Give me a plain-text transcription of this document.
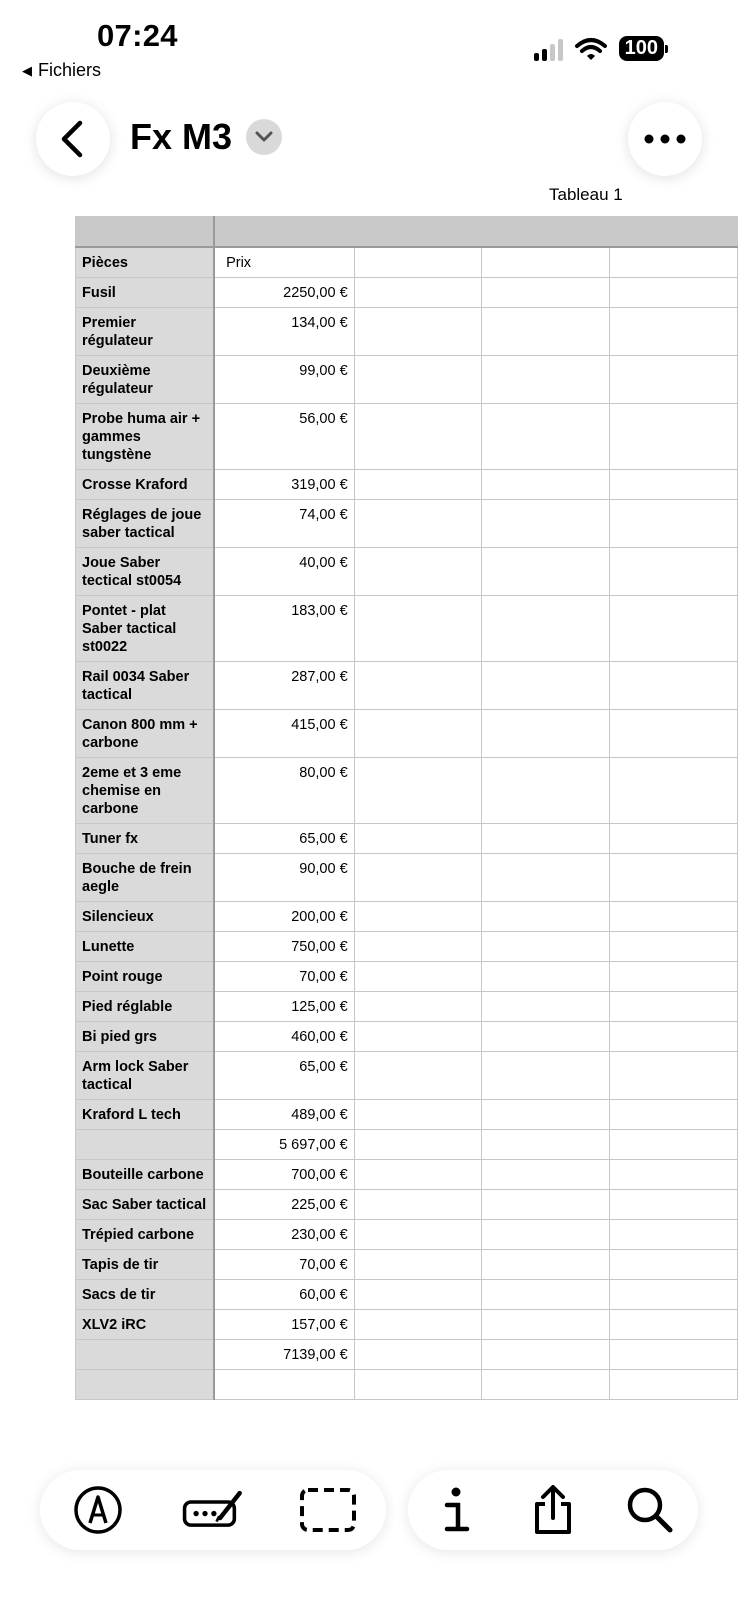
07:24
◀ Fichiers
100
Fx M3
Tableau 1

Pièces	Prix			
Fusil	2250,00 €			
Premier régulateur	134,00 €			
Deuxième régulateur	99,00 €			
Probe huma air + gammes tungstène	56,00 €			
Crosse Kraford	319,00 €			
Réglages de joue saber tactical	74,00 €			
Joue Saber tectical st0054	40,00 €			
Pontet - plat Saber tactical st0022	183,00 €			
Rail 0034 Saber tactical	287,00 €			
Canon 800 mm + carbone	415,00 €			
2eme et 3 eme chemise en carbone	80,00 €			
Tuner fx	65,00 €			
Bouche de frein aegle	90,00 €			
Silencieux	200,00 €			
Lunette	750,00 €			
Point rouge	70,00 €			
Pied réglable	125,00 €			
Bi pied grs	460,00 €			
Arm lock Saber tactical	65,00 €			
Kraford L tech	489,00 €			
	5 697,00 €			
Bouteille carbone	700,00 €			
Sac Saber tactical	225,00 €			
Trépied carbone	230,00 €			
Tapis de tir	70,00 €			
Sacs de tir	60,00 €			
XLV2 iRC	157,00 €			
	7139,00 €			
